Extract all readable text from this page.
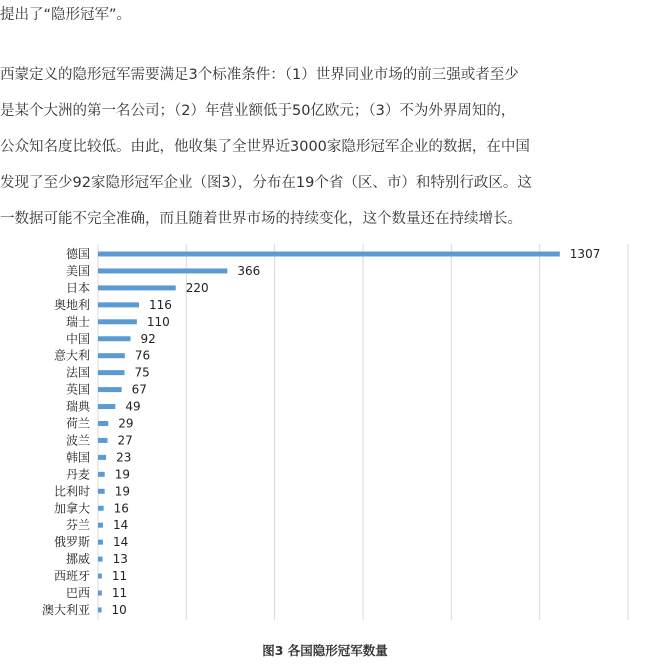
提出了“隐形冠军”。
西蒙定义的隐形冠军需要满足3个标准条件：（1）世界同业市场的前三强或者至少
是某个大洲的第一名公司；（2）年营业额低于50亿欧元；（3）不为外界周知的，
公众知名度比较低。由此，他收集了全世界近3000家隐形冠军企业的数据，在中国
发现了至少92家隐形冠军企业（图3），分布在19个省（区、市）和特别行政区。这
一数据可能不完全准确，而且随着世界市场的持续变化，这个数量还在持续增长。
德国	1307
美国	366
日本	220
奥地利	116
瑞士	110
中国	92
意大利	76
法国	75
英国	67
瑞典	49
荷兰 29
波兰 27
韩国 23
丹麦 19
比利时 19
加拿大 16
芬兰 14
俄罗斯 14
挪威 13
西班牙 11
巴西 11
澳大利亚 10
图3 各国隐形冠军数量
